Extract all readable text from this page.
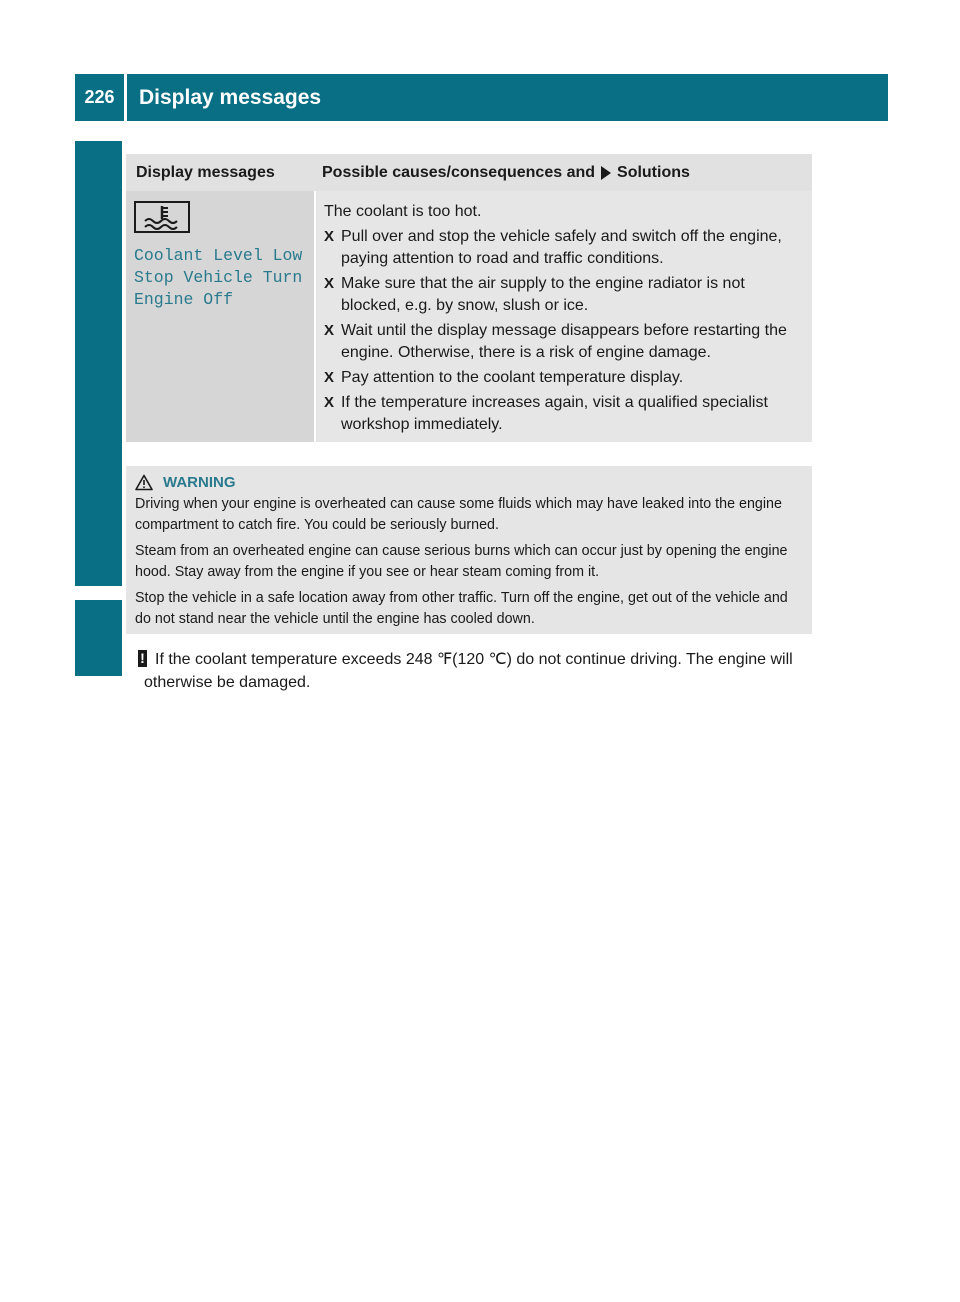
226	Display messages
Display messages	Possible causes/consequences and Solutions
Coolant Level Low
Stop Vehicle Turn
Engine Off
The coolant is too hot.
X Pull over and stop the vehicle safely and switch off the engine, paying attention to road and traffic conditions.
X Make sure that the air supply to the engine radiator is not blocked, e.g. by snow, slush or ice.
X Wait until the display message disappears before restarting the engine. Otherwise, there is a risk of engine damage.
X Pay attention to the coolant temperature display.
X If the temperature increases again, visit a qualified specialist workshop immediately.
WARNING

Driving when your engine is overheated can cause some fluids which may have leaked into the engine compartment to catch fire. You could be seriously burned.

Steam from an overheated engine can cause serious burns which can occur just by opening the engine hood. Stay away from the engine if you see or hear steam coming from it.

Stop the vehicle in a safe location away from other traffic. Turn off the engine, get out of the vehicle and do not stand near the vehicle until the engine has cooled down.

! If the coolant temperature exceeds 248 ℉(120 ℃) do not continue driving. The engine will otherwise be damaged.
